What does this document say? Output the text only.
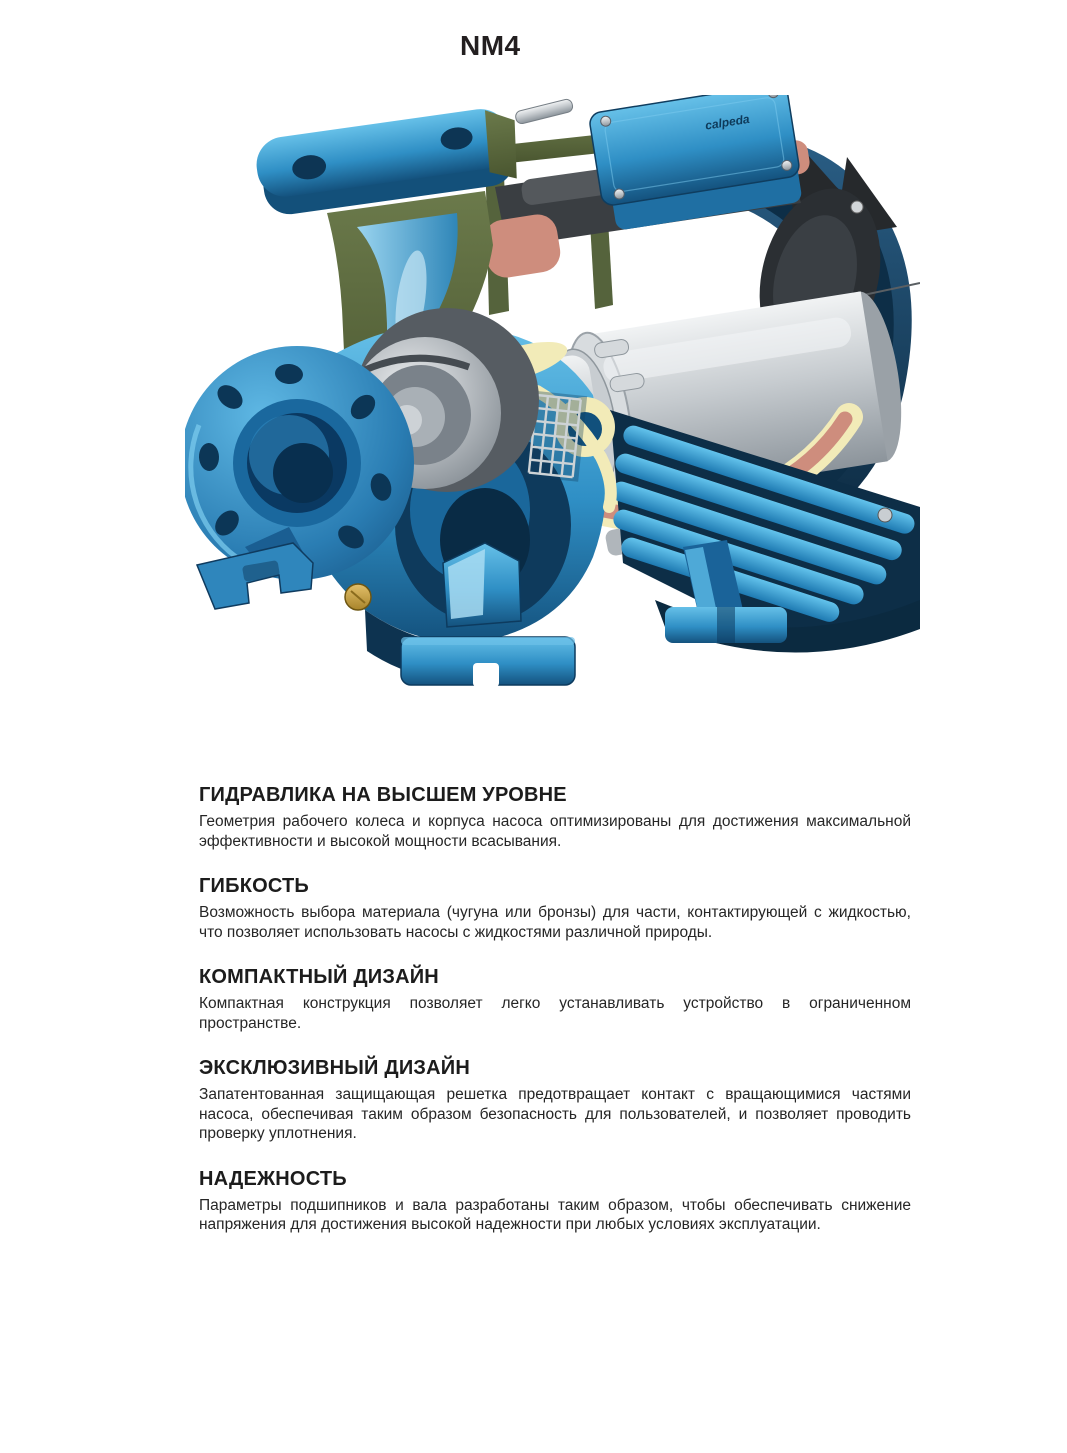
NM4
calpeda
ГИДРАВЛИКА НА ВЫСШЕМ УРОВНЕ

Геометрия рабочего колеса и корпуса насоса оптимизированы для достижения максимальной эффективности и высокой мощности всасывания.

ГИБКОСТЬ

Возможность выбора материала (чугуна или бронзы) для части, контактирующей с жидкостью, что позволяет использовать насосы с жидкостями различной природы.

КОМПАКТНЫЙ ДИЗАЙН

Компактная конструкция позволяет легко устанавливать устройство в ограниченном пространстве.

ЭКСКЛЮЗИВНЫЙ ДИЗАЙН

Запатентованная защищающая решетка предотвращает контакт с вращающимися частями насоса, обеспечивая таким образом безопасность для пользователей, и позволяет проводить проверку уплотнения.

НАДЕЖНОСТЬ

Параметры подшипников и вала разработаны таким образом, чтобы обеспечивать снижение напряжения для достижения высокой надежности при любых условиях эксплуатации.
